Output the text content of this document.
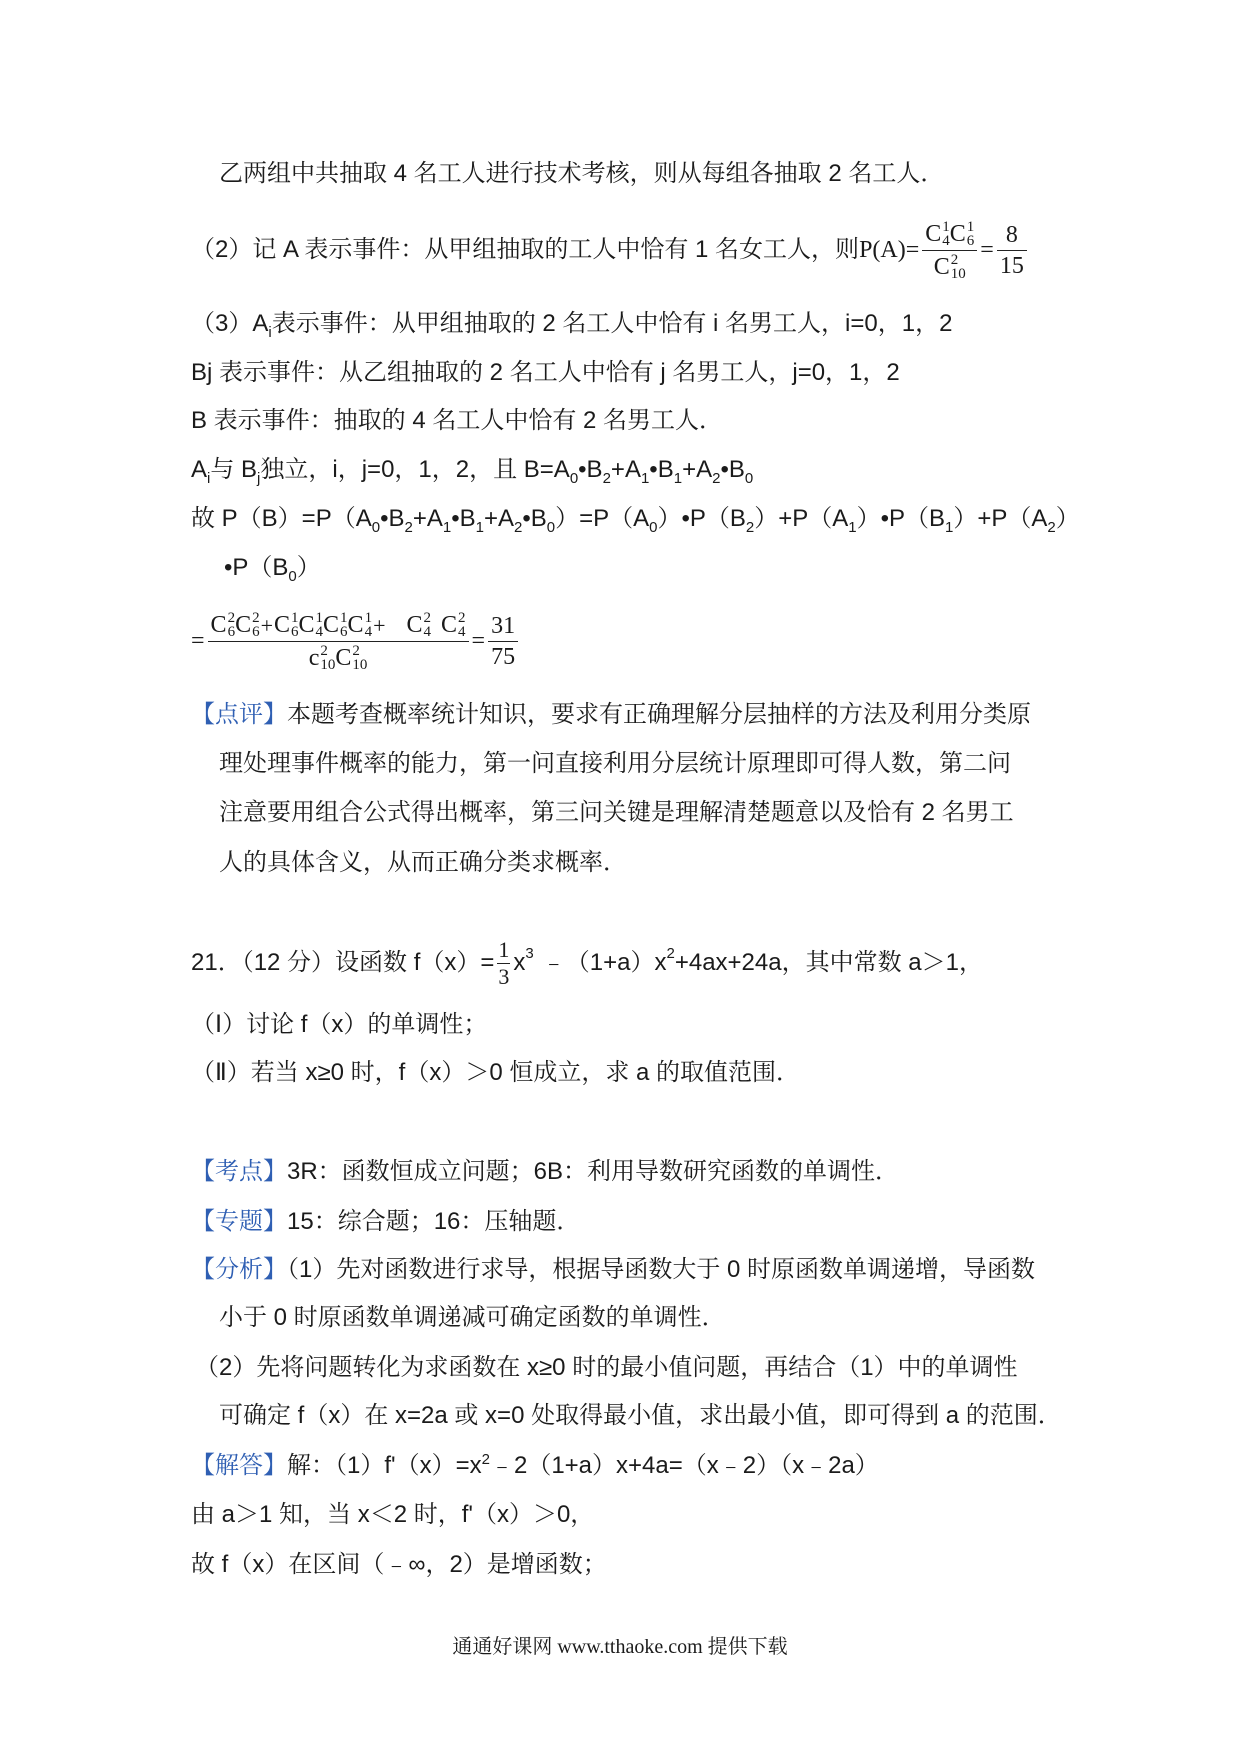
乙两组中共抽取 4 名工人进行技术考核，则从每组各抽取 2 名工人．
（2）记 A 表示事件：从甲组抽取的工人中恰有 1 名女工人，则 P(A)=
C 1
4 C 1
6
C 2
10
= $\frac{8}{15}$
$(3)A_i$表示事件：从甲组抽取的 2 名工人中恰有 i 名男工人，i=0，1，2
Bj 表示事件：从乙组抽取的 2 名工人中恰有 j 名男工人，j=0，1，2
B 表示事件：抽取的 4 名工人中恰有 2 名男工人．
$A_i$与 $B_j$独立，i，j=0，1，2，且 $B=A_0•B_2+A_1•B_1+A_2•B_0$
故 $P(B)=P(A_0•B_2+A_1•B_1+A_2•B_0)=P(A_0)•P(B_2)+P(A_1)•P(B_1)+P(A_2)$
$•P(B_0)$
=
C 2
6 C 2
6 + C 1
6 C 1
4 C 1
6 C 1
4 + C 2
4 C 2
4
c 2
10 C 2
10
= $\frac{31}{75}$
【点评】本题考查概率统计知识，要求有正确理解分层抽样的方法及利用分类原
理处理事件概率的能力，第一问直接利用分层统计原理即可得人数，第二问
注意要用组合公式得出概率，第三问关键是理解清楚题意以及恰有 2 名男工
人的具体含义，从而正确分类求概率．
21．（12 分）设函数 $f(x)= \frac{1}{3}$ x 3 ﹣（1+a）x 2 +4ax+24a，其中常数 a＞1，
（Ⅰ）讨论 f（x）的单调性；
（Ⅱ）若当 x≥0 时，f（x）＞0 恒成立，求 a 的取值范围．
【考点】3R：函数恒成立问题；6B：利用导数研究函数的单调性．
【专题】15：综合题；16：压轴题．
【分析】（1）先对函数进行求导，根据导函数大于 0 时原函数单调递增，导函数
小于 0 时原函数单调递减可确定函数的单调性．
（2）先将问题转化为求函数在 x≥0 时的最小值问题，再结合（1）中的单调性
可确定 f（x）在 x=2a 或 x=0 处取得最小值，求出最小值，即可得到 a 的范围．
【解答】解：$(1)f'(x)=x^2﹣2(1+a)x+4a=(x﹣2)(x﹣2a)$
由 a＞1 知，当 x＜2 时，f'（x）＞0，
故 f（x）在区间（﹣∞，2）是增函数；
通通好课网 www.tthaoke.com 提供下载
